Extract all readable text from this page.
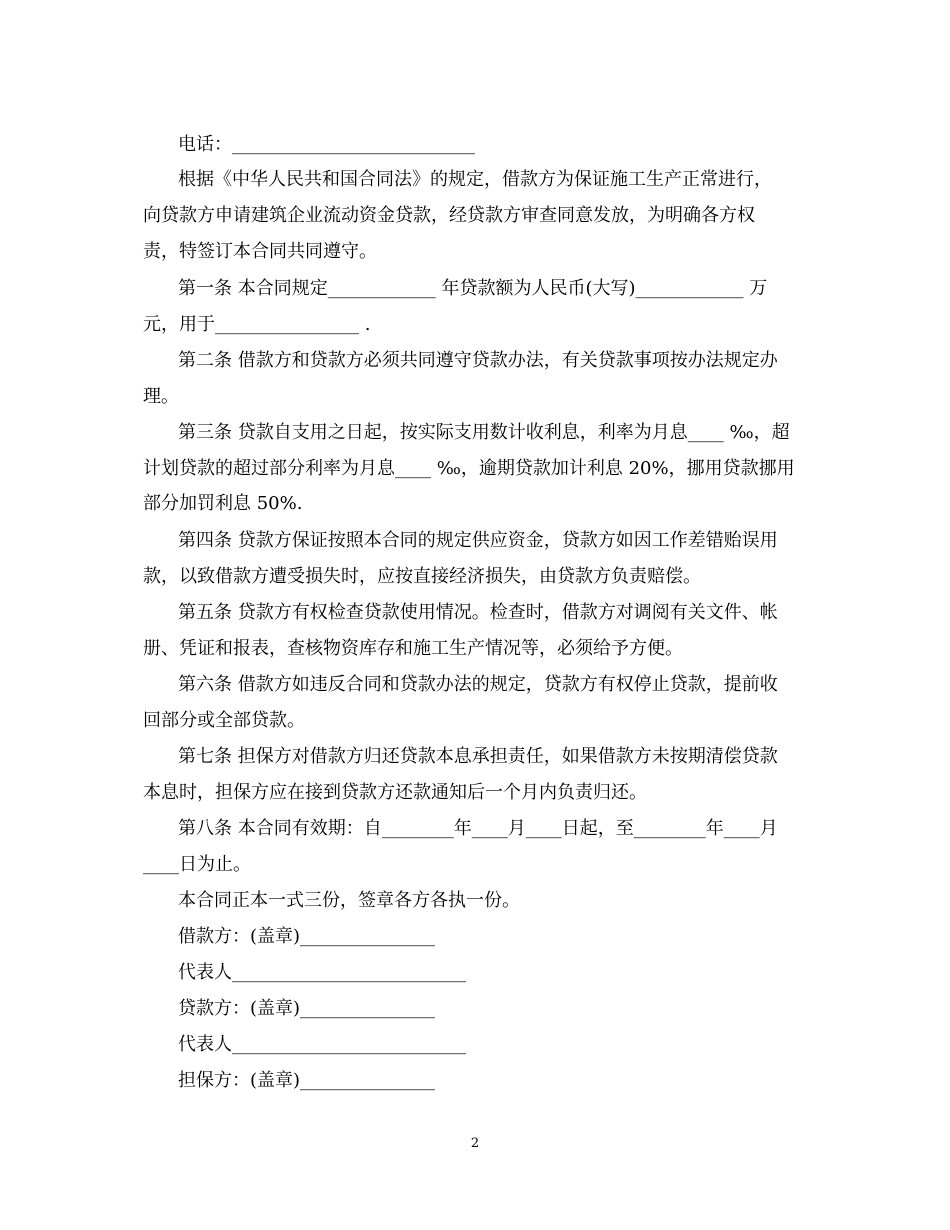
电话：___________________________
根据《中华人民共和国合同法》的规定，借款方为保证施工生产正常进行，
向贷款方申请建筑企业流动资金贷款，经贷款方审查同意发放，为明确各方权
责，特签订本合同共同遵守。
第一条 本合同规定____________ 年贷款额为人民币(大写)____________ 万
元，用于________________ .
第二条 借款方和贷款方必须共同遵守贷款办法，有关贷款事项按办法规定办
理。
第三条 贷款自支用之日起，按实际支用数计收利息，利率为月息____ ‰，超
计划贷款的超过部分利率为月息____ ‰，逾期贷款加计利息 20%，挪用贷款挪用
部分加罚利息 50%.
第四条 贷款方保证按照本合同的规定供应资金，贷款方如因工作差错贻误用
款，以致借款方遭受损失时，应按直接经济损失，由贷款方负责赔偿。
第五条 贷款方有权检查贷款使用情况。检查时，借款方对调阅有关文件、帐
册、凭证和报表，查核物资库存和施工生产情况等，必须给予方便。
第六条 借款方如违反合同和贷款办法的规定，贷款方有权停止贷款，提前收
回部分或全部贷款。
第七条 担保方对借款方归还贷款本息承担责任，如果借款方未按期清偿贷款
本息时，担保方应在接到贷款方还款通知后一个月内负责归还。
第八条 本合同有效期：自________年____月____日起，至________年____月
____日为止。
本合同正本一式三份，签章各方各执一份。
借款方：(盖章)_______________
代表人__________________________
贷款方：(盖章)_______________
代表人__________________________
担保方：(盖章)_______________
2
